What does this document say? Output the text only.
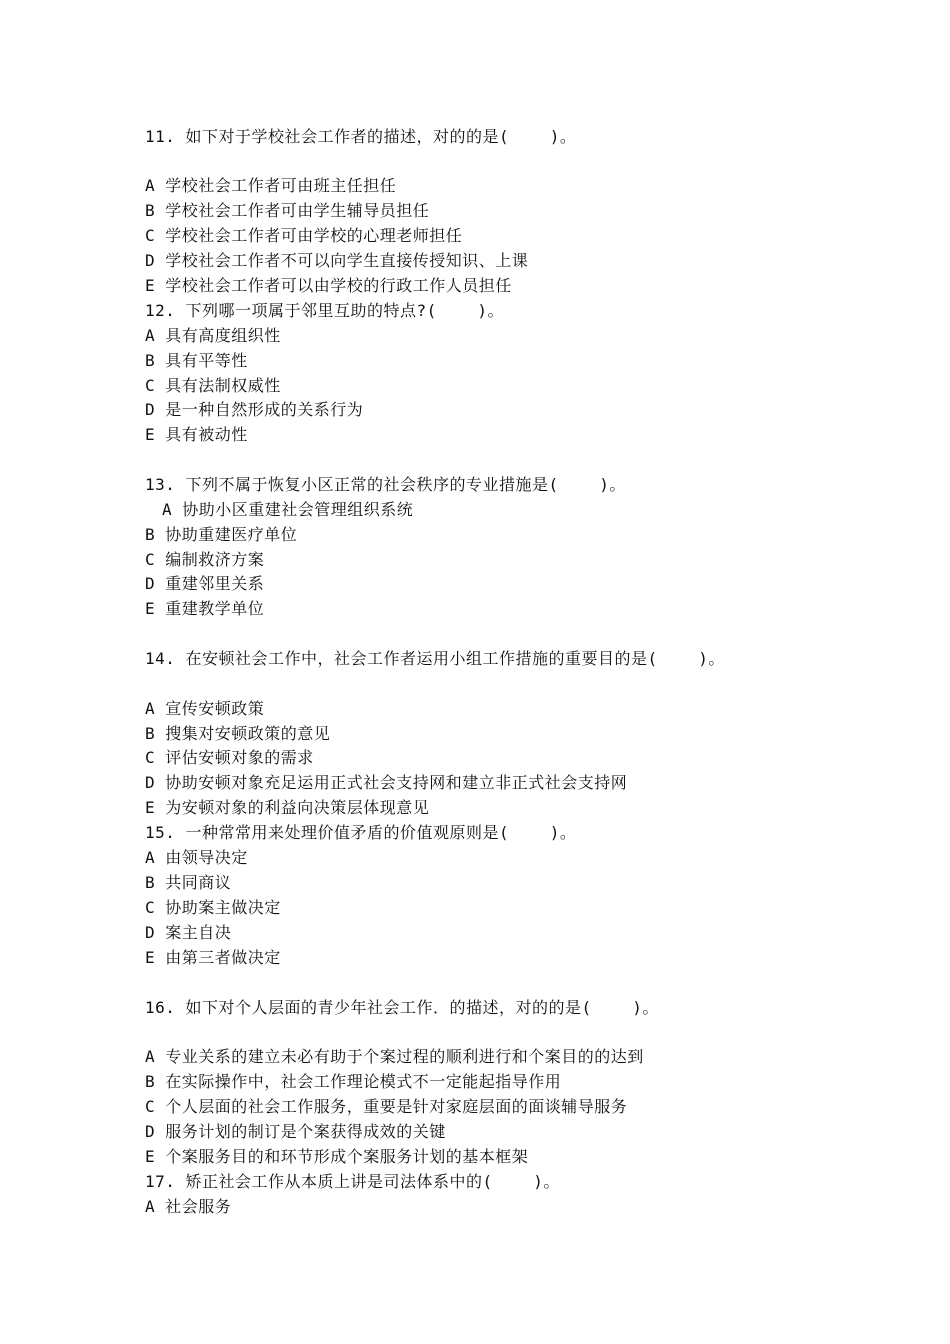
11. 如下对于学校社会工作者的描述，对的的是(    )。
A 学校社会工作者可由班主任担任
B 学校社会工作者可由学生辅导员担任
C 学校社会工作者可由学校的心理老师担任
D 学校社会工作者不可以向学生直接传授知识、上课
E 学校社会工作者可以由学校的行政工作人员担任
12. 下列哪一项属于邻里互助的特点?(    )。
A 具有高度组织性
B 具有平等性
C 具有法制权威性
D 是一种自然形成的关系行为
E 具有被动性
13. 下列不属于恢复小区正常的社会秩序的专业措施是(    )。
A 协助小区重建社会管理组织系统
B 协助重建医疗单位
C 编制救济方案
D 重建邻里关系
E 重建教学单位
14. 在安顿社会工作中，社会工作者运用小组工作措施的重要目的是(    )。
A 宣传安顿政策
B 搜集对安顿政策的意见
C 评估安顿对象的需求
D 协助安顿对象充足运用正式社会支持网和建立非正式社会支持网
E 为安顿对象的利益向决策层体现意见
15. 一种常常用来处理价值矛盾的价值观原则是(    )。
A 由领导决定
B 共同商议
C 协助案主做决定
D 案主自决
E 由第三者做决定
16. 如下对个人层面的青少年社会工作．的描述，对的的是(    )。
A 专业关系的建立未必有助于个案过程的顺利进行和个案目的的达到
B 在实际操作中，社会工作理论模式不一定能起指导作用
C 个人层面的社会工作服务，重要是针对家庭层面的面谈辅导服务
D 服务计划的制订是个案获得成效的关键
E 个案服务目的和环节形成个案服务计划的基本框架
17. 矫正社会工作从本质上讲是司法体系中的(    )。
A 社会服务
